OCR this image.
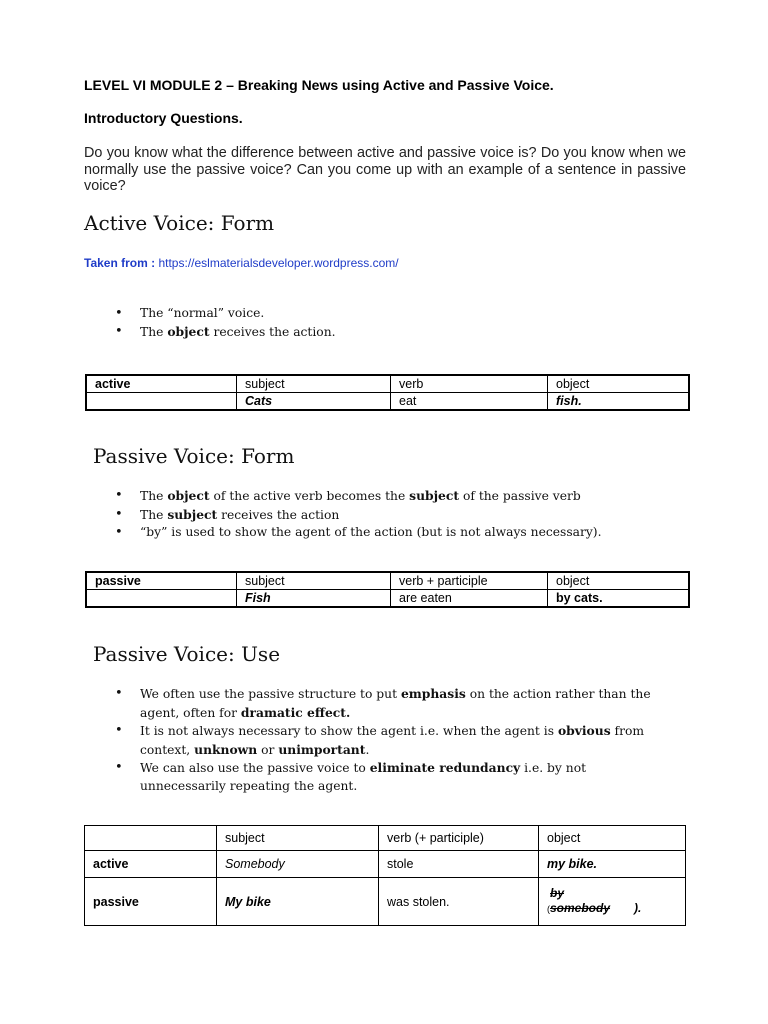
LEVEL VI MODULE 2 – Breaking News using Active and Passive Voice.
Introductory Questions.
Do you know what the difference between active and passive voice is? Do you know when we normally use the passive voice? Can you come up with an example of a sentence in passive voice?
Active Voice: Form
Taken from : https://eslmaterialsdeveloper.wordpress.com/
• The “normal” voice.
• The object receives the action.
active	subject	verb	object
	Cats	eat	fish.
Passive Voice: Form
• The object of the active verb becomes the subject of the passive verb
• The subject receives the action
• “by” is used to show the agent of the action (but is not always necessary).
passive	subject	verb + participle	object
	Fish	are eaten	by cats.
Passive Voice: Use
• We often use the passive structure to put emphasis on the action rather than the agent, often for dramatic effect.
• It is not always necessary to show the agent i.e. when the agent is obvious from context, unknown or unimportant.
• We can also use the passive voice to eliminate redundancy i.e. by not unnecessarily repeating the agent.
	subject	verb (+ participle)	object
active	Somebody	stole	my bike.
passive	My bike	was stolen.	by
(somebody ).
